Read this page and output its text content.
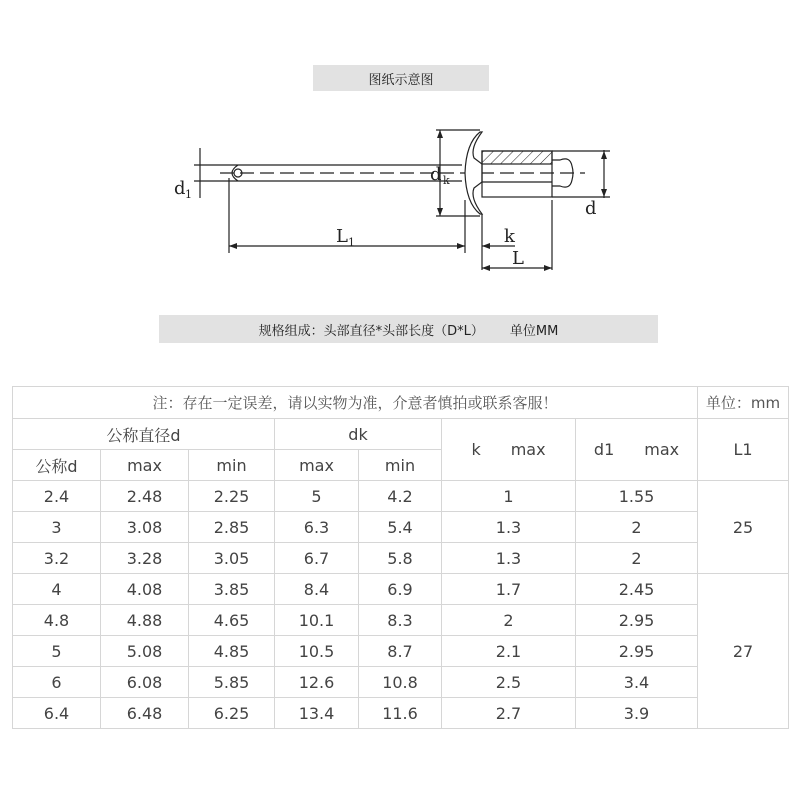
图纸示意图
d 1
d k
d
L 1	k
L
规格组成：头部直径*头部长度（D*L） 单位MM
注：存在一定误差，请以实物为准，介意者慎拍或联系客服！							单位：mm
公称直径d			dk		k max	d1 max	L1
公称d	max	min	max	min			
2.4	2.48	2.25	5	4.2	1	1.55	25
3	3.08	2.85	6.3	5.4	1.3	2	
3.2	3.28	3.05	6.7	5.8	1.3	2	
4	4.08	3.85	8.4	6.9	1.7	2.45	27
4.8	4.88	4.65	10.1	8.3	2	2.95	
5	5.08	4.85	10.5	8.7	2.1	2.95	
6	6.08	5.85	12.6	10.8	2.5	3.4	
6.4	6.48	6.25	13.4	11.6	2.7	3.9	
